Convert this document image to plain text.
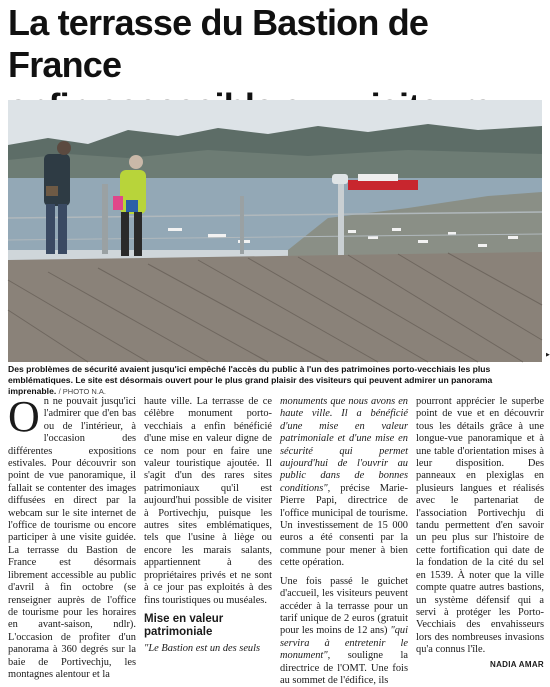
La terrasse du Bastion de France
▶
Des problèmes de sécurité avaient jusqu'ici empêché l'accès du public à l'un des patrimoines porto-vecchiais les plus emblématiques. Le site est désormais ouvert pour le plus grand plaisir des visiteurs qui peuvent admirer un panorama imprenable. / PHOTO N.A.
O n ne pouvait jusqu'ici l'admirer que d'en bas ou de l'intérieur, à l'occasion des différentes expositions estivales. Pour découvrir son point de vue panoramique, il fallait se contenter des images diffusées en direct par la webcam sur le site internet de l'office de tourisme ou encore participer à une visite guidée. La terrasse du Bastion de France est désormais librement accessible au public d'avril à fin octobre (se renseigner auprès de l'office de tourisme pour les horaires en avant-saison, ndlr). L'occasion de profiter d'un panorama à 360 degrés sur la baie de Portivechju, les montagnes alentour et la
haute ville. La terrasse de ce célèbre monument porto-vecchiais a enfin bénéficié d'une mise en valeur digne de ce nom pour en faire une valeur touristique ajoutée. Il s'agit d'un des rares sites patrimoniaux qu'il est aujourd'hui possible de visiter à Portivechju, puisque les autres sites emblématiques, tels que l'usine à liège ou encore les marais salants, appartiennent à des propriétaires privés et ne sont à ce jour pas exploités à des fins touristiques ou muséales.
Mise en valeur
patrimoniale
"Le Bastion est un des seuls
monuments que nous avons en haute ville. Il a bénéficié d'une mise en valeur patrimoniale et d'une mise en sécurité qui permet aujourd'hui de l'ouvrir au public dans de bonnes conditions", précise Marie-Pierre Papi, directrice de l'office municipal de tourisme. Un investissement de 15 000 euros a été consenti par la commune pour mener à bien cette opération.
Une fois passé le guichet d'accueil, les visiteurs peuvent accéder à la terrasse pour un tarif unique de 2 euros (gratuit pour les moins de 12 ans) "qui servira à entretenir le monument", souligne la directrice de l'OMT. Une fois au sommet de l'édifice, ils
pourront apprécier le superbe point de vue et en découvrir tous les détails grâce à une longue-vue panoramique et à une table d'orientation mises à leur disposition. Des panneaux en plexiglas en plusieurs langues et réalisés avec le partenariat de l'association Portivechju di tandu permettent d'en savoir un peu plus sur l'histoire de cette fortification qui date de la fondation de la cité du sel en 1539. À noter que la ville compte quatre autres bastions, un système défensif qui a servi à protéger les Porto-Vecchiais des envahisseurs lors des nombreuses invasions qu'a connus l'île.
NADIA AMAR
